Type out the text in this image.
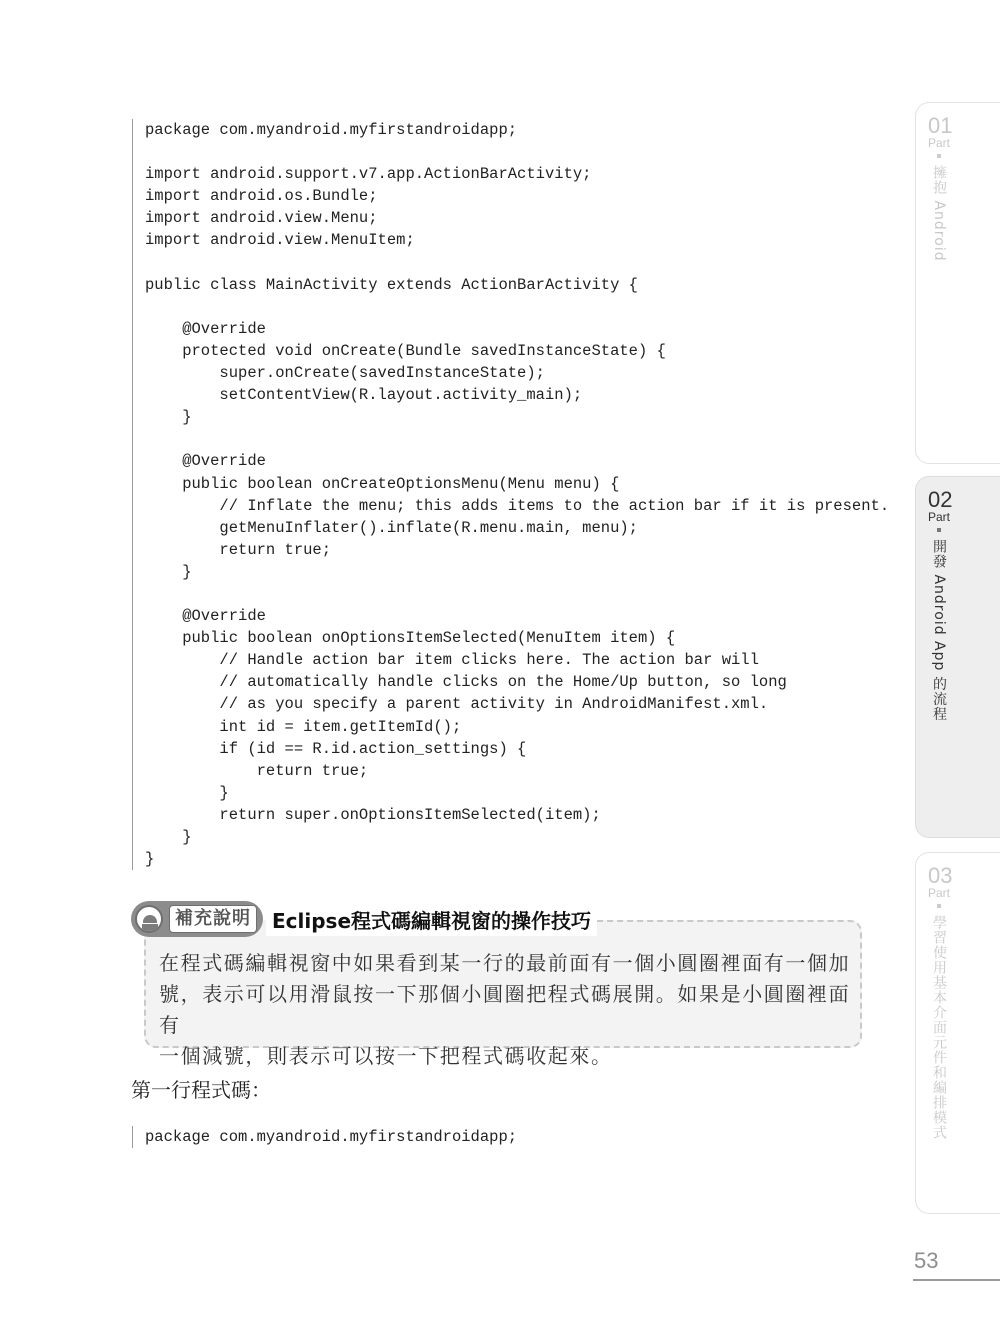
package com.myandroid.myfirstandroidapp;
import android.support.v7.app.ActionBarActivity;
import android.os.Bundle;
import android.view.Menu;
import android.view.MenuItem;
public class MainActivity extends ActionBarActivity {
@Override
protected void onCreate(Bundle savedInstanceState) {
super.onCreate(savedInstanceState);
setContentView(R.layout.activity_main);
}
@Override
public boolean onCreateOptionsMenu(Menu menu) {
// Inflate the menu; this adds items to the action bar if it is present.
getMenuInflater().inflate(R.menu.main, menu);
return true;
}
@Override
public boolean onOptionsItemSelected(MenuItem item) {
// Handle action bar item clicks here. The action bar will
// automatically handle clicks on the Home/Up button, so long
// as you specify a parent activity in AndroidManifest.xml.
int id = item.getItemId();
if (id == R.id.action_settings) {
return true;
}
return super.onOptionsItemSelected(item);
}
}
補充說明	Eclipse程式碼編輯視窗的操作技巧
在程式碼編輯視窗中如果看到某一行的最前面有一個小圓圈裡面有一個加
號，表示可以用滑鼠按一下那個小圓圈把程式碼展開。如果是小圓圈裡面有
一個減號，則表示可以按一下把程式碼收起來。
第一行程式碼：
package com.myandroid.myfirstandroidapp;
01
Part
擁抱 Android
02
Part
開發 Android App 的流程
03
Part
學習使用基本介面元件和編排模式
53
